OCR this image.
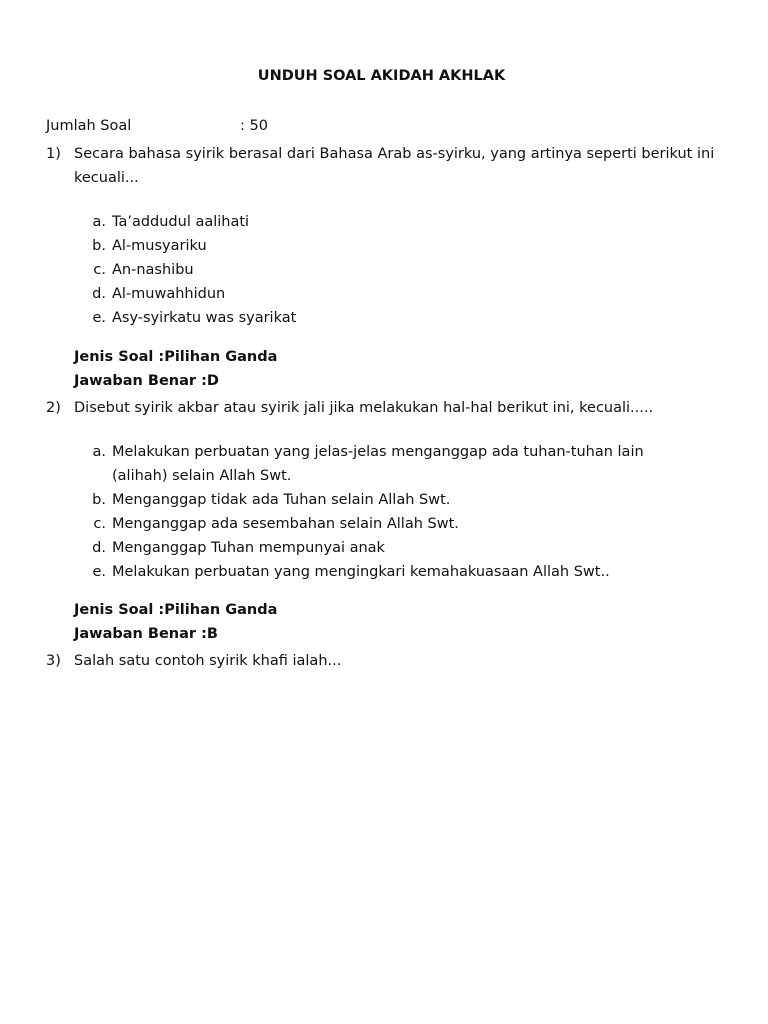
UNDUH SOAL AKIDAH AKHLAK
Jumlah Soal	: 50
1) Secara bahasa syirik berasal dari Bahasa Arab as-syirku, yang artinya seperti berikut ini kecuali...
a. Ta’addudul aalihati
b. Al-musyariku
c. An-nashibu
d. Al-muwahhidun
e. Asy-syirkatu was syarikat
Jenis Soal :Pilihan Ganda
Jawaban Benar :D
2) Disebut syirik akbar atau syirik jali jika melakukan hal-hal berikut ini, kecuali.....
a. Melakukan perbuatan yang jelas-jelas menganggap ada tuhan-tuhan lain (alihah) selain Allah Swt.
b. Menganggap tidak ada Tuhan selain Allah Swt.
c. Menganggap ada sesembahan selain Allah Swt.
d. Menganggap Tuhan mempunyai anak
e. Melakukan perbuatan yang mengingkari kemahakuasaan Allah Swt..
Jenis Soal :Pilihan Ganda
Jawaban Benar :B
3) Salah satu contoh syirik khafi ialah...
